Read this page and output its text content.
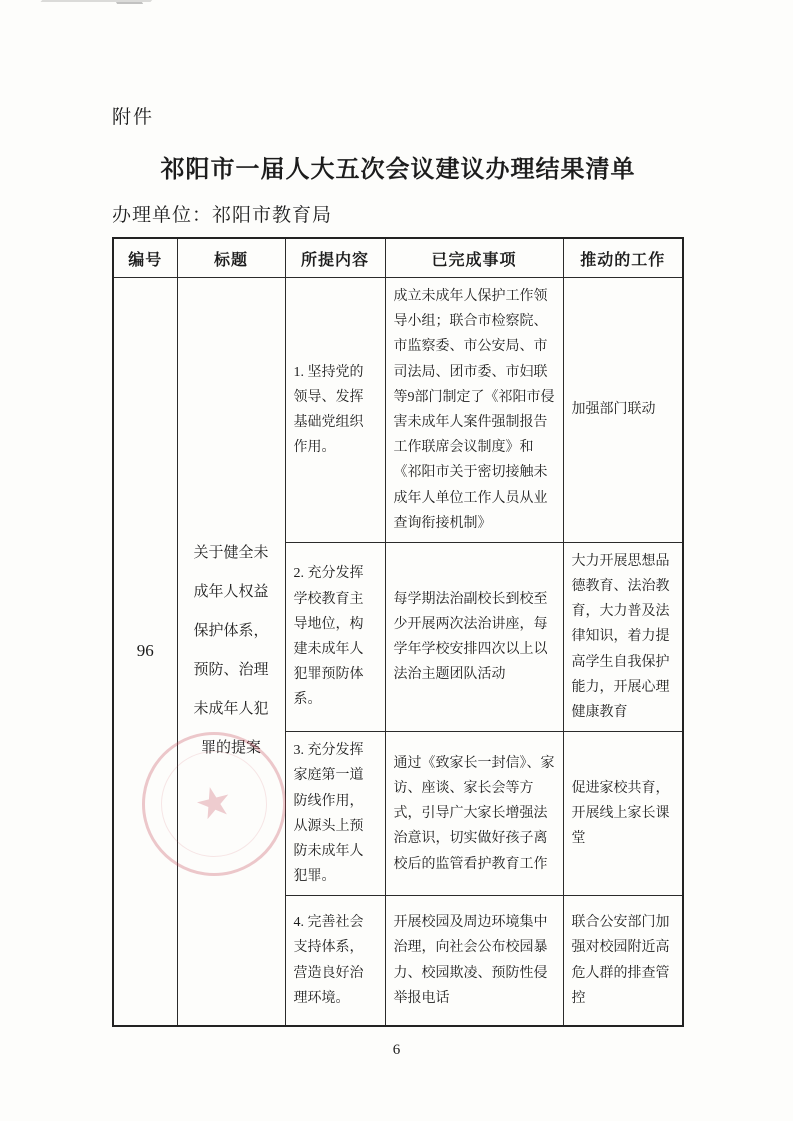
附件

祁阳市一届人大五次会议建议办理结果清单

办理单位：祁阳市教育局

编号	标题	所提内容	已完成事项	推动的工作
96	关于健全未成年人权益保护体系，预防、治理未成年人犯罪的提案	1. 坚持党的领导、发挥基础党组织作用。	成立未成年人保护工作领导小组；联合市检察院、市监察委、市公安局、市司法局、团市委、市妇联等9部门制定了《祁阳市侵害未成年人案件强制报告工作联席会议制度》和《祁阳市关于密切接触未成年人单位工作人员从业查询衔接机制》	加强部门联动
		2. 充分发挥学校教育主导地位，构建未成年人犯罪预防体系。	每学期法治副校长到校至少开展两次法治讲座，每学年学校安排四次以上以法治主题团队活动	大力开展思想品德教育、法治教育，大力普及法律知识，着力提高学生自我保护能力，开展心理健康教育
		3. 充分发挥家庭第一道防线作用，从源头上预防未成年人犯罪。	通过《致家长一封信》、家访、座谈、家长会等方式，引导广大家长增强法治意识，切实做好孩子离校后的监管看护教育工作	促进家校共育，开展线上家长课堂
		4. 完善社会支持体系，营造良好治理环境。	开展校园及周边环境集中治理，向社会公布校园暴力、校园欺凌、预防性侵举报电话	联合公安部门加强对校园附近高危人群的排查管控
★
6
